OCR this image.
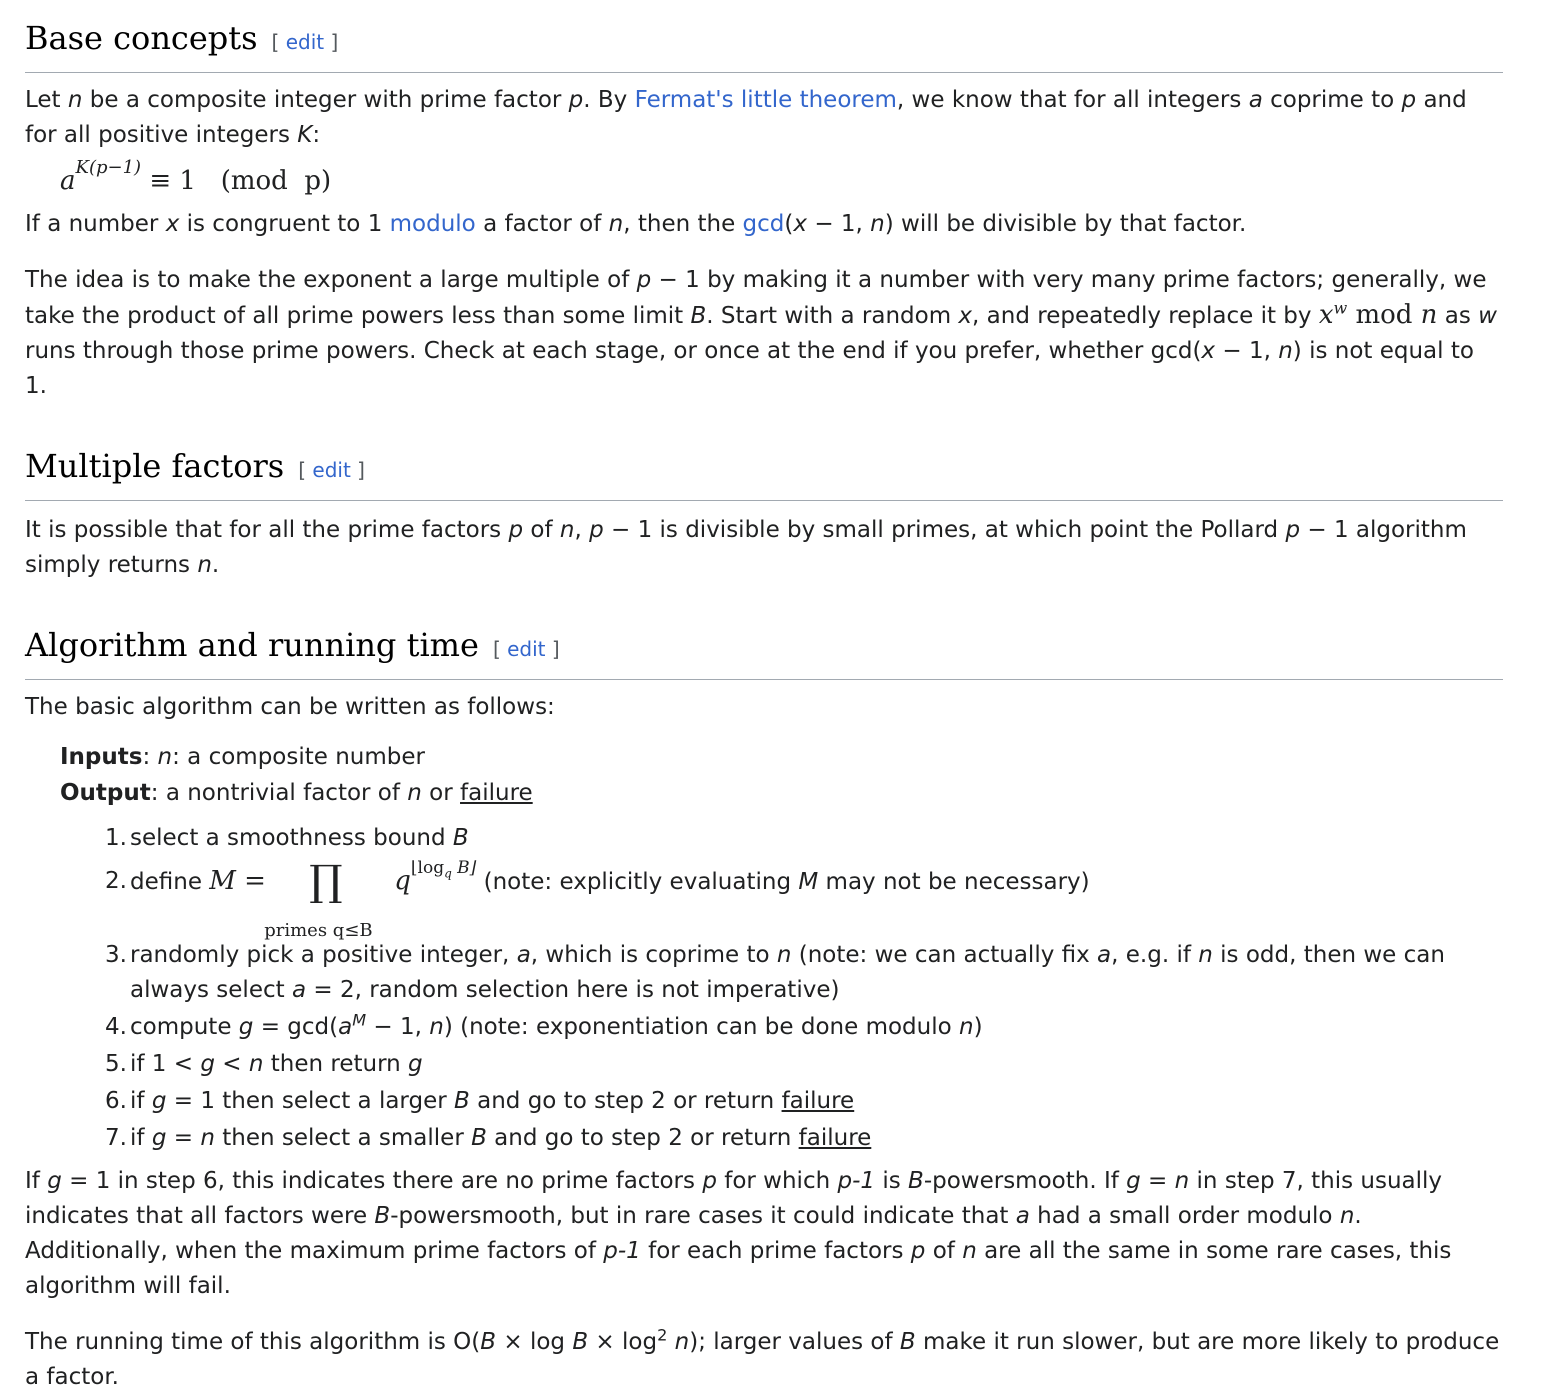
Base concepts [ edit ]

Let n be a composite integer with prime factor p. By Fermat's little theorem, we know that for all integers a coprime to p and for all positive integers K:

$a^{K(p-1)} \equiv 1$   (mod  p)

If a number x is congruent to 1 modulo a factor of n, then the gcd(x − 1, n) will be divisible by that factor.

The idea is to make the exponent a large multiple of p − 1 by making it a number with very many prime factors; generally, we take the product of all prime powers less than some limit B. Start with a random x, and repeatedly replace it by $x^w$ mod n as w runs through those prime powers. Check at each stage, or once at the end if you prefer, whether gcd(x − 1, n) is not equal to 1.

Multiple factors [ edit ]

It is possible that for all the prime factors p of n, p − 1 is divisible by small primes, at which point the Pollard p − 1 algorithm simply returns n.

Algorithm and running time [ edit ]

The basic algorithm can be written as follows:

Inputs: n: a composite number
Output: a nontrivial factor of n or failure
1. select a smoothness bound B
2. define M = ∏
primes q≤B
$q^{⌊log_q B⌋}$ (note: explicitly evaluating M may not be necessary)
3. randomly pick a positive integer, a, which is coprime to n (note: we can actually fix a, e.g. if n is odd, then we can always select a = 2, random selection here is not imperative)
4. compute $g = \gcd(a^M - 1$, n) (note: exponentiation can be done modulo n)
5. if 1 < g < n then return g
6. if g = 1 then select a larger B and go to step 2 or return failure
7. if g = n then select a smaller B and go to step 2 or return failure

If g = 1 in step 6, this indicates there are no prime factors p for which p-1 is B-powersmooth. If g = n in step 7, this usually indicates that all factors were B-powersmooth, but in rare cases it could indicate that a had a small order modulo n. Additionally, when the maximum prime factors of p-1 for each prime factors p of n are all the same in some rare cases, this algorithm will fail.

The running time of this algorithm is $O(B \times \log B \times \log^2 n)$; larger values of B make it run slower, but are more likely to produce a factor.
